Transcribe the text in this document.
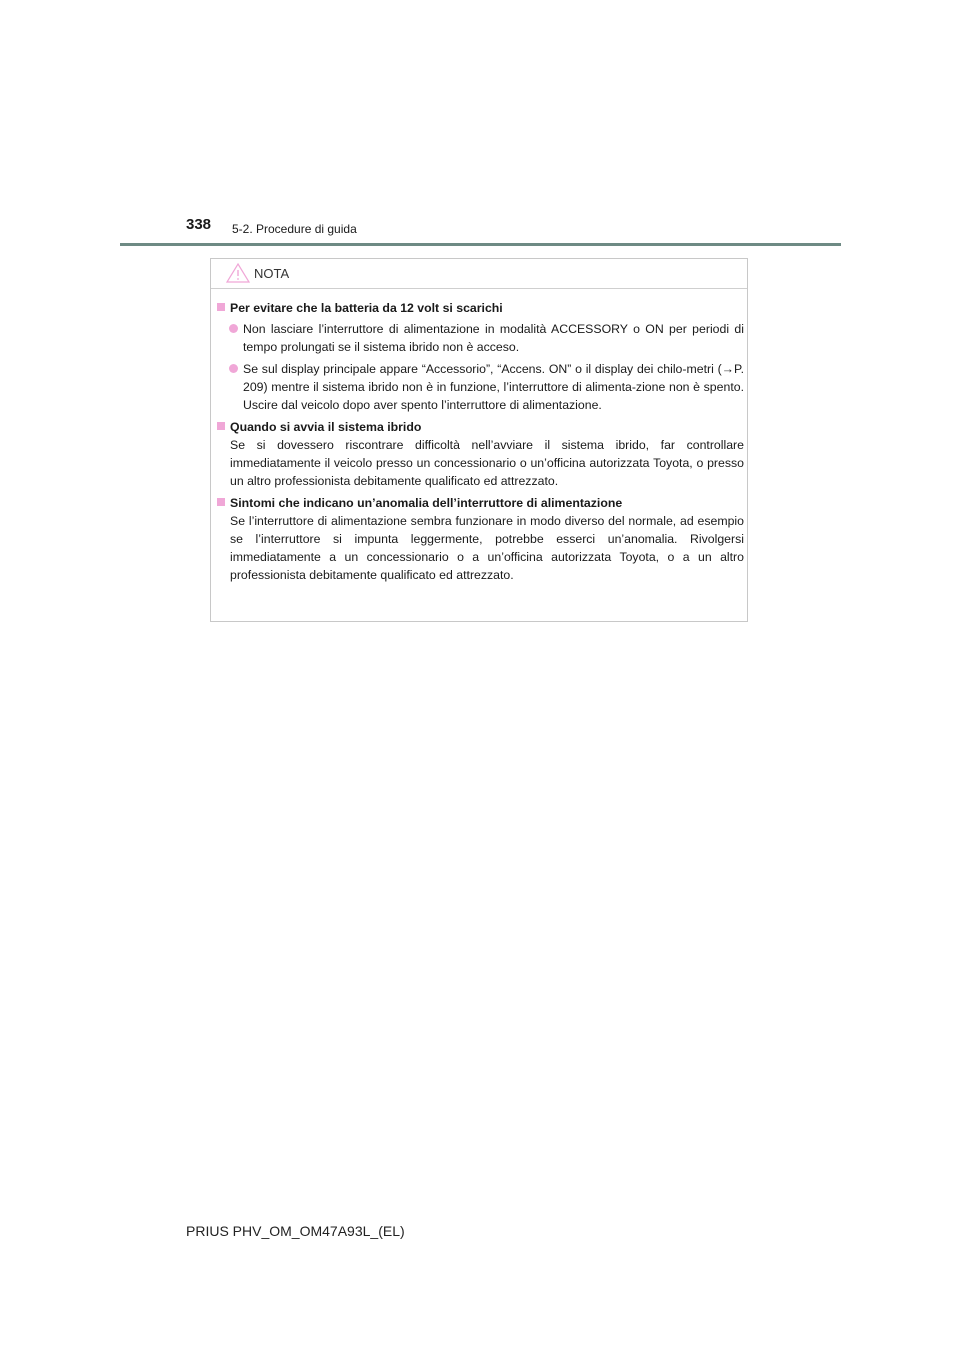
338 5-2. Procedure di guida
NOTA
Per evitare che la batteria da 12 volt si scarichi
Non lasciare l’interruttore di alimentazione in modalità ACCESSORY o ON per periodi di tempo prolungati se il sistema ibrido non è acceso.
Se sul display principale appare “Accessorio”, “Accens. ON” o il display dei chilo-metri (→P. 209) mentre il sistema ibrido non è in funzione, l’interruttore di alimenta-zione non è spento. Uscire dal veicolo dopo aver spento l’interruttore di alimentazione.
Quando si avvia il sistema ibrido
Se si dovessero riscontrare difficoltà nell’avviare il sistema ibrido, far controllare immediatamente il veicolo presso un concessionario o un’officina autorizzata Toyota, o presso un altro professionista debitamente qualificato ed attrezzato.
Sintomi che indicano un’anomalia dell’interruttore di alimentazione
Se l’interruttore di alimentazione sembra funzionare in modo diverso del normale, ad esempio se l’interruttore si impunta leggermente, potrebbe esserci un’anomalia. Rivolgersi immediatamente a un concessionario o a un’officina autorizzata Toyota, o a un altro professionista debitamente qualificato ed attrezzato.
PRIUS PHV_OM_OM47A93L_(EL)
